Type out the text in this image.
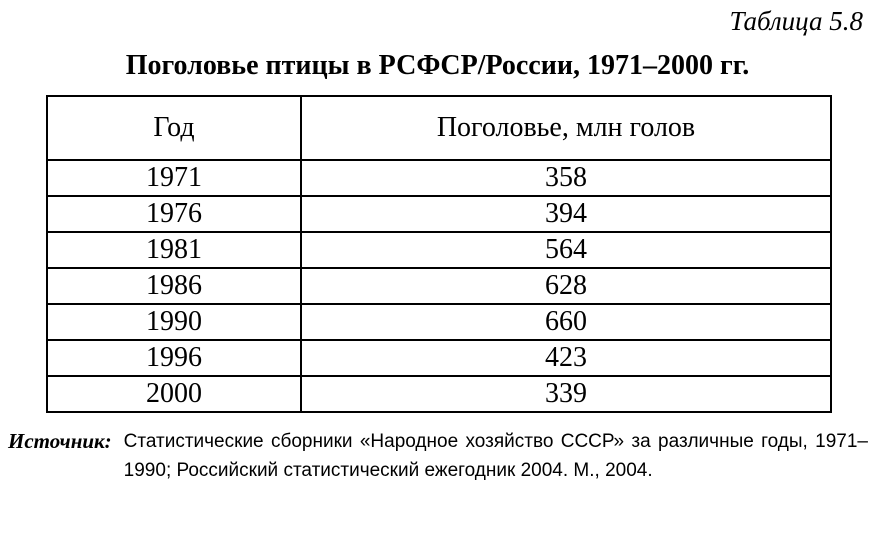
Таблица 5.8
Поголовье птицы в РСФСР/России, 1971–2000 гг.
Год	Поголовье, млн голов
1971	358
1976	394
1981	564
1986	628
1990	660
1996	423
2000	339
Источник: Статистические сборники «Народное хозяйство СССР» за различные годы, 1971–1990; Российский статистический ежегодник 2004. М., 2004.
